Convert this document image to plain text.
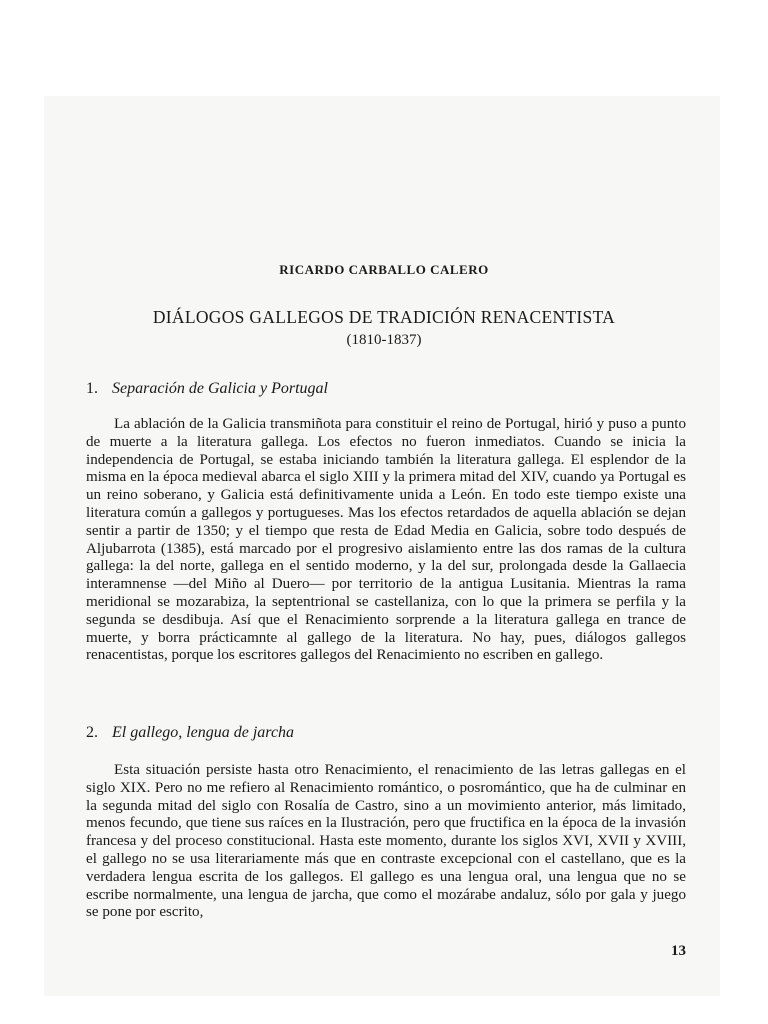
RICARDO CARBALLO CALERO
DIÁLOGOS GALLEGOS DE TRADICIÓN RENACENTISTA
(1810-1837)
1. Separación de Galicia y Portugal

La ablación de la Galicia transmiñota para constituir el reino de Portugal, hirió y puso a punto de muerte a la literatura gallega. Los efectos no fueron inmediatos. Cuando se inicia la independencia de Portugal, se estaba iniciando también la literatura gallega. El esplendor de la misma en la época medieval abarca el siglo XIII y la primera mitad del XIV, cuando ya Portugal es un reino soberano, y Galicia está definitivamente unida a León. En todo este tiempo existe una literatura común a gallegos y portugueses. Mas los efectos retardados de aquella ablación se dejan sentir a partir de 1350; y el tiempo que resta de Edad Media en Galicia, sobre todo después de Aljubarrota (1385), está marcado por el progresivo aislamiento entre las dos ramas de la cultura gallega: la del norte, gallega en el sentido moderno, y la del sur, prolongada desde la Gallaecia interamnense —del Miño al Duero— por territorio de la antigua Lusitania. Mientras la rama meridional se mozarabiza, la septentrional se castellaniza, con lo que la primera se perfila y la segunda se desdibuja. Así que el Renacimiento sorprende a la literatura gallega en trance de muerte, y borra prácticamnte al gallego de la literatura. No hay, pues, diálogos gallegos renacentistas, porque los escritores gallegos del Renacimiento no escriben en gallego.

2. El gallego, lengua de jarcha

Esta situación persiste hasta otro Renacimiento, el renacimiento de las letras gallegas en el siglo XIX. Pero no me refiero al Renacimiento romántico, o posromántico, que ha de culminar en la segunda mitad del siglo con Rosalía de Castro, sino a un movimiento anterior, más limitado, menos fecundo, que tiene sus raíces en la Ilustración, pero que fructifica en la época de la invasión francesa y del proceso constitucional. Hasta este momento, durante los siglos XVI, XVII y XVIII, el gallego no se usa literariamente más que en contraste excepcional con el castellano, que es la verdadera lengua escrita de los gallegos. El gallego es una lengua oral, una lengua que no se escribe normalmente, una lengua de jarcha, que como el mozárabe andaluz, sólo por gala y juego se pone por escrito,

13
